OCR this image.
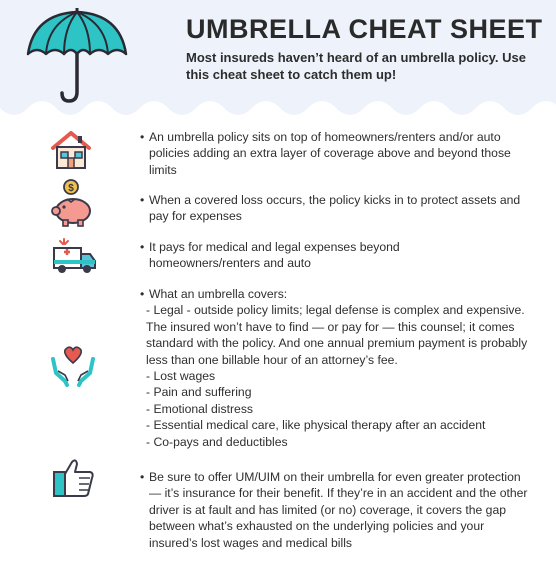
UMBRELLA CHEAT SHEET
Most insureds haven’t heard of an umbrella policy. Use this cheat sheet to catch them up!
$
• An umbrella policy sits on top of homeowners/renters and/or auto policies adding an extra layer of coverage above and beyond those limits
• When a covered loss occurs, the policy kicks in to protect assets and pay for expenses
• It pays for medical and legal expenses beyond homeowners/renters and auto
• What an umbrella covers:
- Legal - outside policy limits; legal defense is complex and expensive. The insured won’t have to find — or pay for — this counsel; it comes standard with the policy. And one annual premium payment is probably less than one billable hour of an attorney’s fee.
- Lost wages
- Pain and suffering
- Emotional distress
- Essential medical care, like physical therapy after an accident
- Co-pays and deductibles
• Be sure to offer UM/UIM on their umbrella for even greater protection — it’s insurance for their benefit. If they’re in an accident and the other driver is at fault and has limited (or no) coverage, it covers the gap between what’s exhausted on the underlying policies and your insured’s lost wages and medical bills
